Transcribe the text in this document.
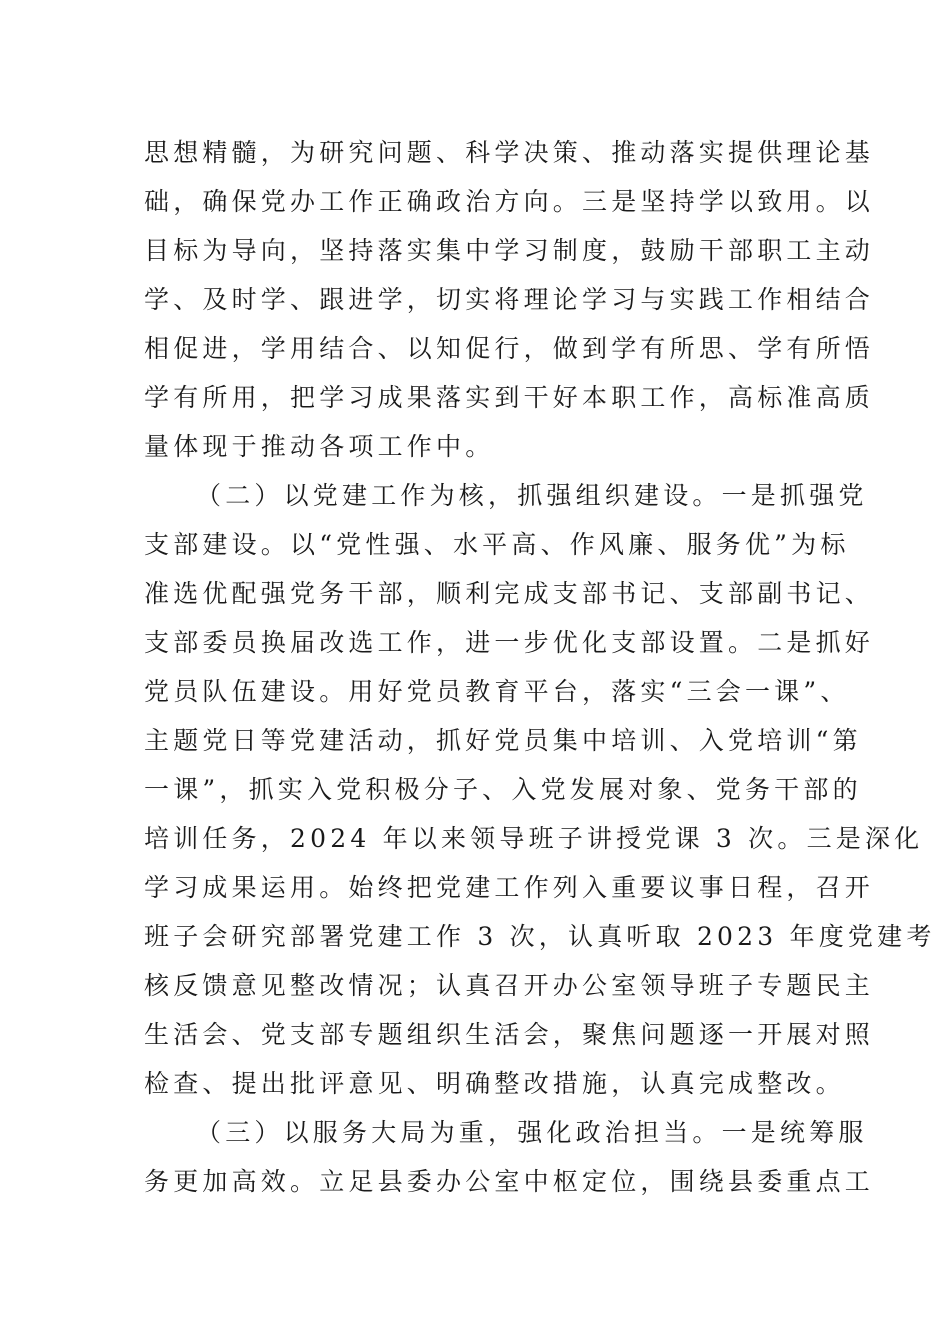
思想精髓，为研究问题、科学决策、推动落实提供理论基
础，确保党办工作正确政治方向。三是坚持学以致用。以
目标为导向，坚持落实集中学习制度，鼓励干部职工主动
学、及时学、跟进学，切实将理论学习与实践工作相结合
相促进，学用结合、以知促行，做到学有所思、学有所悟
学有所用，把学习成果落实到干好本职工作，高标准高质
量体现于推动各项工作中。
（二）以党建工作为核，抓强组织建设。一是抓强党
支部建设。以“党性强、水平高、作风廉、服务优”为标
准选优配强党务干部，顺利完成支部书记、支部副书记、
支部委员换届改选工作，进一步优化支部设置。二是抓好
党员队伍建设。用好党员教育平台，落实“三会一课”、
主题党日等党建活动，抓好党员集中培训、入党培训“第
一课”，抓实入党积极分子、入党发展对象、党务干部的
培训任务，2024 年以来领导班子讲授党课 3 次。三是深化
学习成果运用。始终把党建工作列入重要议事日程，召开
班子会研究部署党建工作 3 次，认真听取 2023 年度党建考
核反馈意见整改情况；认真召开办公室领导班子专题民主
生活会、党支部专题组织生活会，聚焦问题逐一开展对照
检查、提出批评意见、明确整改措施，认真完成整改。
（三）以服务大局为重，强化政治担当。一是统筹服
务更加高效。立足县委办公室中枢定位，围绕县委重点工
